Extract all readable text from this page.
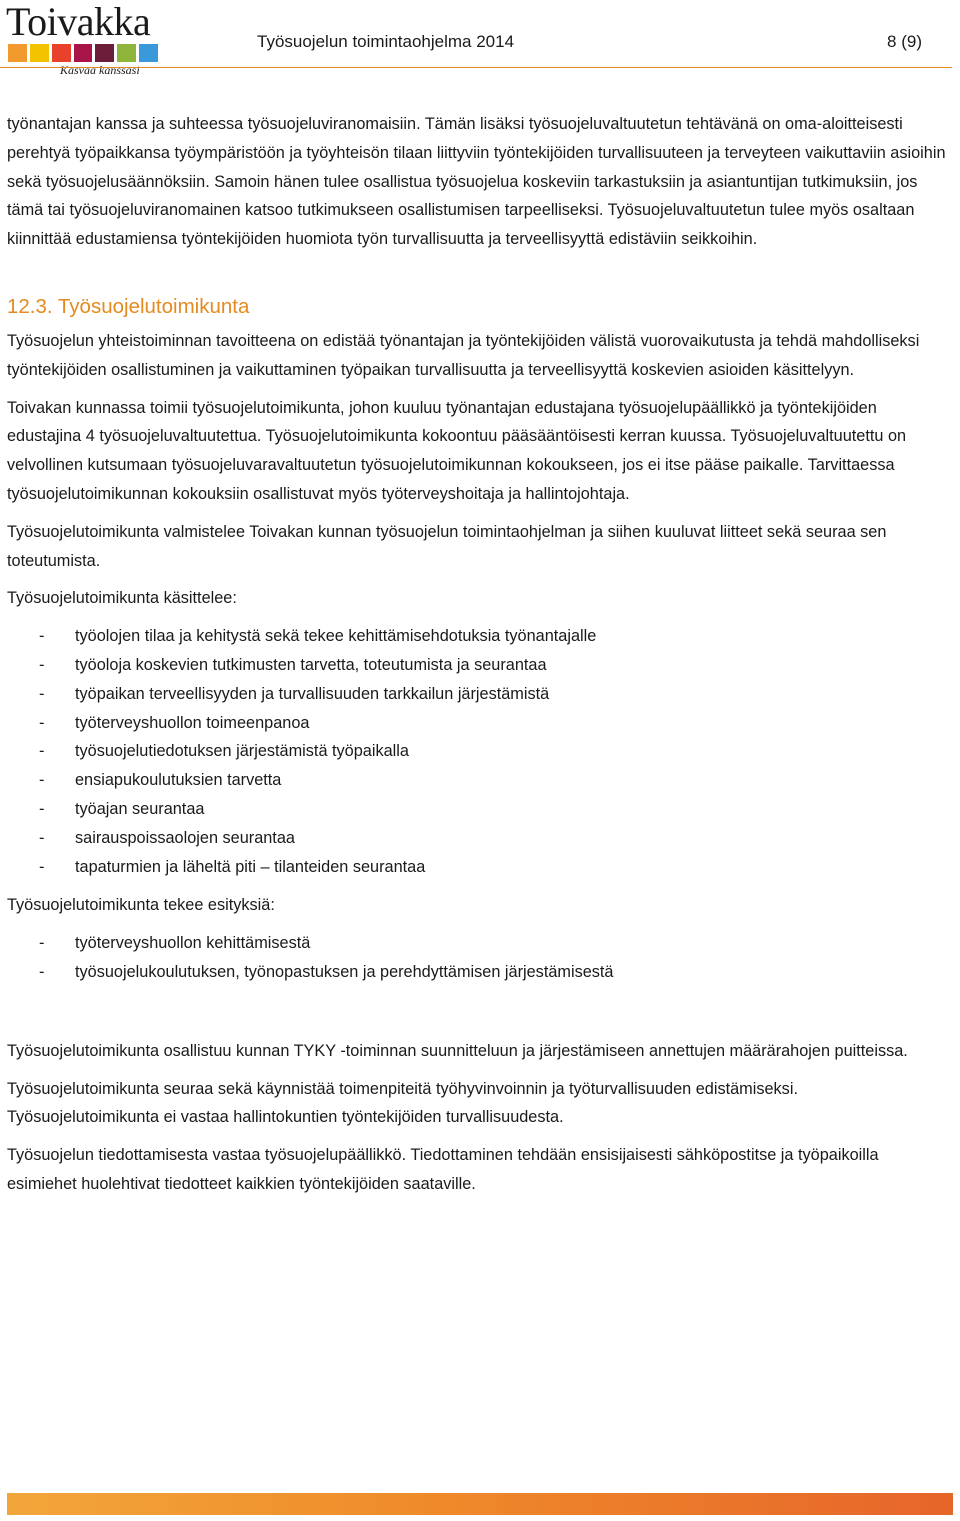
Toivakka
Kasvaa kanssasi
Työsuojelun toimintaohjelma 2014	8 (9)

työnantajan kanssa ja suhteessa työsuojeluviranomaisiin. Tämän lisäksi työsuojeluvaltuutetun tehtävänä on oma-aloitteisesti perehtyä työpaikkansa työympäristöön ja työyhteisön tilaan liittyviin työntekijöiden turvallisuuteen ja terveyteen vaikuttaviin asioihin sekä työsuojelusäännöksiin. Samoin hänen tulee osallistua työsuojelua koskeviin tarkastuksiin ja asiantuntijan tutkimuksiin, jos tämä tai työsuojeluviranomainen katsoo tutkimukseen osallistumisen tarpeelliseksi. Työsuojeluvaltuutetun tulee myös osaltaan kiinnittää edustamiensa työntekijöiden huomiota työn turvallisuutta ja terveellisyyttä edistäviin seikkoihin.

12.3. Työsuojelutoimikunta

Työsuojelun yhteistoiminnan tavoitteena on edistää työnantajan ja työntekijöiden välistä vuorovaikutusta ja tehdä mahdolliseksi työntekijöiden osallistuminen ja vaikuttaminen työpaikan turvallisuutta ja terveellisyyttä koskevien asioiden käsittelyyn.

Toivakan kunnassa toimii työsuojelutoimikunta, johon kuuluu työnantajan edustajana työsuojelupäällikkö ja työntekijöiden edustajina 4 työsuojeluvaltuutettua. Työsuojelutoimikunta kokoontuu pääsääntöisesti kerran kuussa. Työsuojeluvaltuutettu on velvollinen kutsumaan työsuojeluvaravaltuutetun työsuojelutoimikunnan kokoukseen, jos ei itse pääse paikalle. Tarvittaessa työsuojelutoimikunnan kokouksiin osallistuvat myös työterveyshoitaja ja hallintojohtaja.

Työsuojelutoimikunta valmistelee Toivakan kunnan työsuojelun toimintaohjelman ja siihen kuuluvat liitteet sekä seuraa sen toteutumista.

Työsuojelutoimikunta käsittelee:

- työolojen tilaa ja kehitystä sekä tekee kehittämisehdotuksia työnantajalle
- työoloja koskevien tutkimusten tarvetta, toteutumista ja seurantaa
- työpaikan terveellisyyden ja turvallisuuden tarkkailun järjestämistä
- työterveyshuollon toimeenpanoa
- työsuojelutiedotuksen järjestämistä työpaikalla
- ensiapukoulutuksien tarvetta
- työajan seurantaa
- sairauspoissaolojen seurantaa
- tapaturmien ja läheltä piti – tilanteiden seurantaa

Työsuojelutoimikunta tekee esityksiä:

- työterveyshuollon kehittämisestä
- työsuojelukoulutuksen, työnopastuksen ja perehdyttämisen järjestämisestä

Työsuojelutoimikunta osallistuu kunnan TYKY -toiminnan suunnitteluun ja järjestämiseen annettujen määrärahojen puitteissa.

Työsuojelutoimikunta seuraa sekä käynnistää toimenpiteitä työhyvinvoinnin ja työturvallisuuden edistämiseksi. Työsuojelutoimikunta ei vastaa hallintokuntien työntekijöiden turvallisuudesta.

Työsuojelun tiedottamisesta vastaa työsuojelupäällikkö. Tiedottaminen tehdään ensisijaisesti sähköpostitse ja työpaikoilla esimiehet huolehtivat tiedotteet kaikkien työntekijöiden saataville.
